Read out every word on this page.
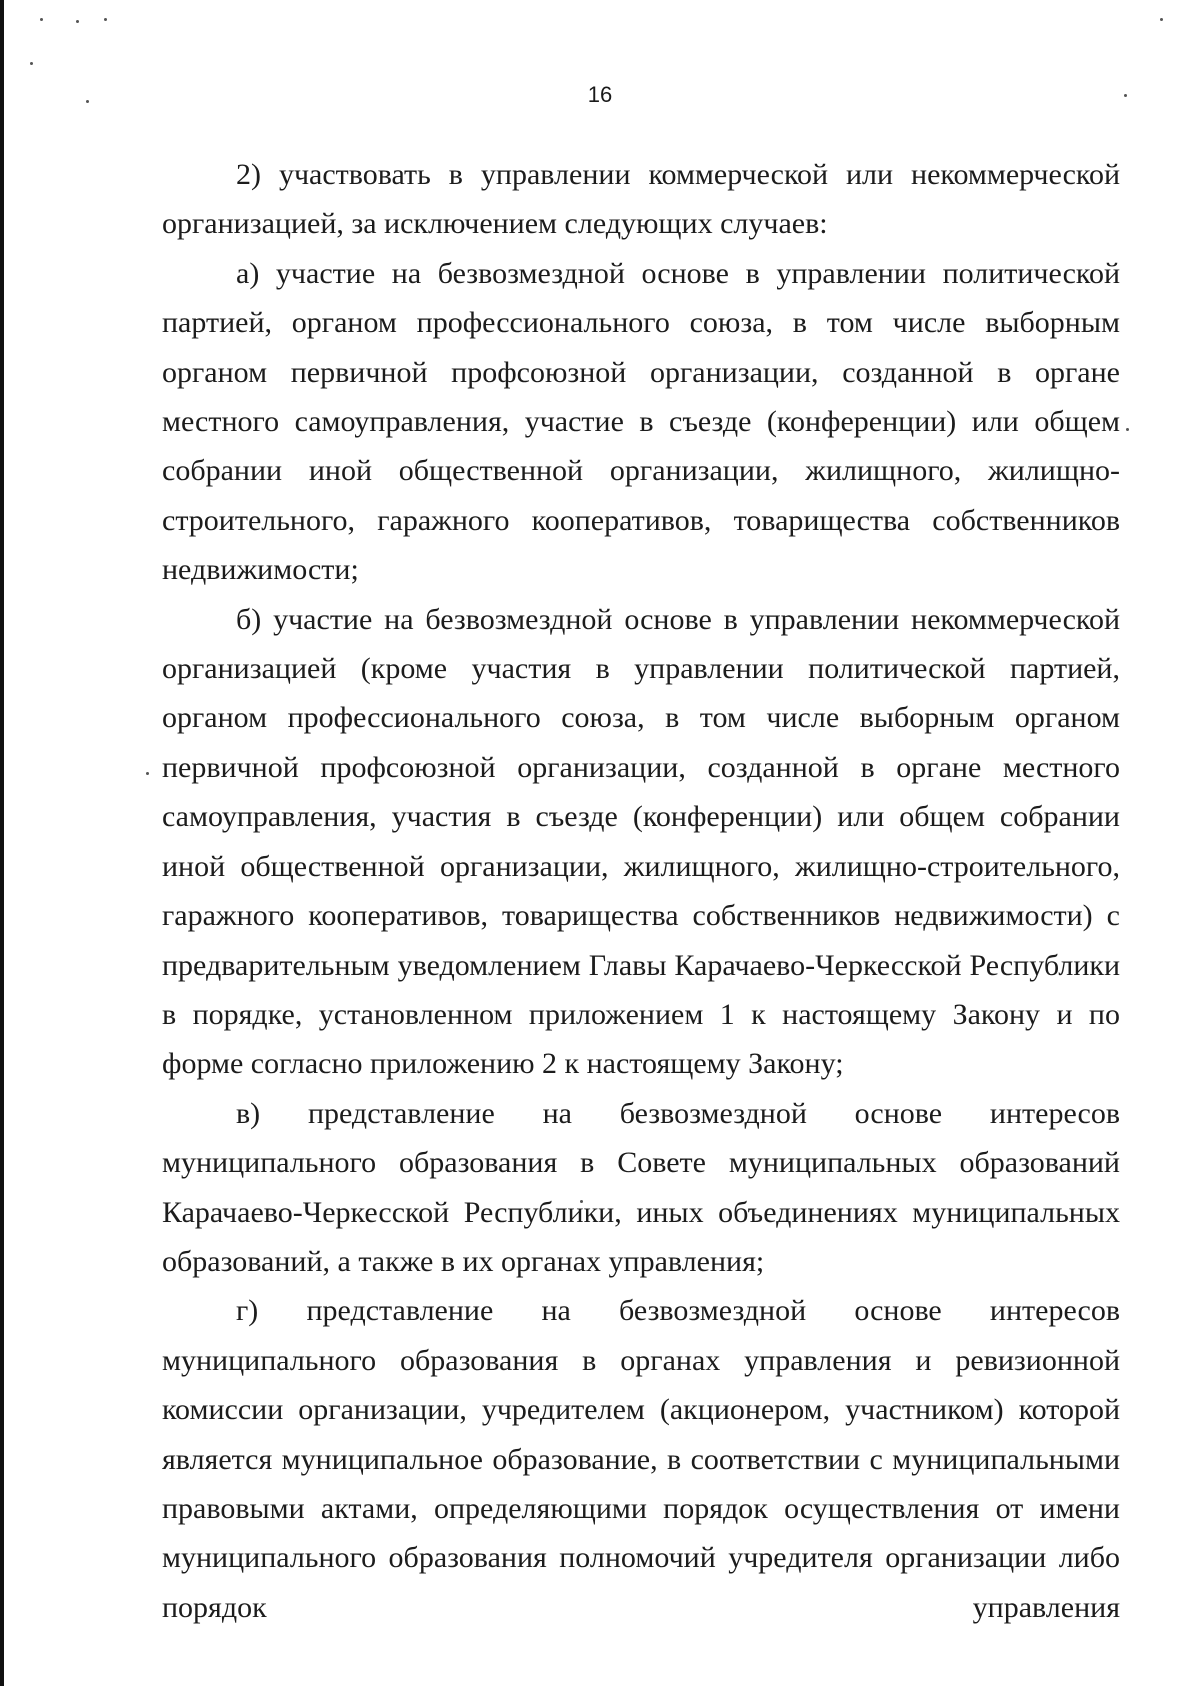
16

2) участвовать в управлении коммерческой или некоммерческой организацией, за исключением следующих случаев:

а) участие на безвозмездной основе в управлении политической партией, органом профессионального союза, в том числе выборным органом первичной профсоюзной организации, созданной в органе местного самоуправления, участие в съезде (конференции) или общем собрании иной общественной организации, жилищного, жилищно-строительного, гаражного кооперативов, товарищества собственников недвижимости;

б) участие на безвозмездной основе в управлении некоммерческой организацией (кроме участия в управлении политической партией, органом профессионального союза, в том числе выборным органом первичной профсоюзной организации, созданной в органе местного самоуправления, участия в съезде (конференции) или общем собрании иной общественной организации, жилищного, жилищно-строительного, гаражного кооперативов, товарищества собственников недвижимости) с предварительным уведомлением Главы Карачаево-Черкесской Республики в порядке, установленном приложением 1 к настоящему Закону и по форме согласно приложению 2 к настоящему Закону;

в) представление на безвозмездной основе интересов муниципального образования в Совете муниципальных образований Карачаево-Черкесской Республики, иных объединениях муниципальных образований, а также в их органах управления;

г) представление на безвозмездной основе интересов муниципального образования в органах управления и ревизионной комиссии организации, учредителем (акционером, участником) которой является муниципальное образование, в соответствии с муниципальными правовыми актами, определяющими порядок осуществления от имени муниципального образования полномочий учредителя организации либо порядок управления
